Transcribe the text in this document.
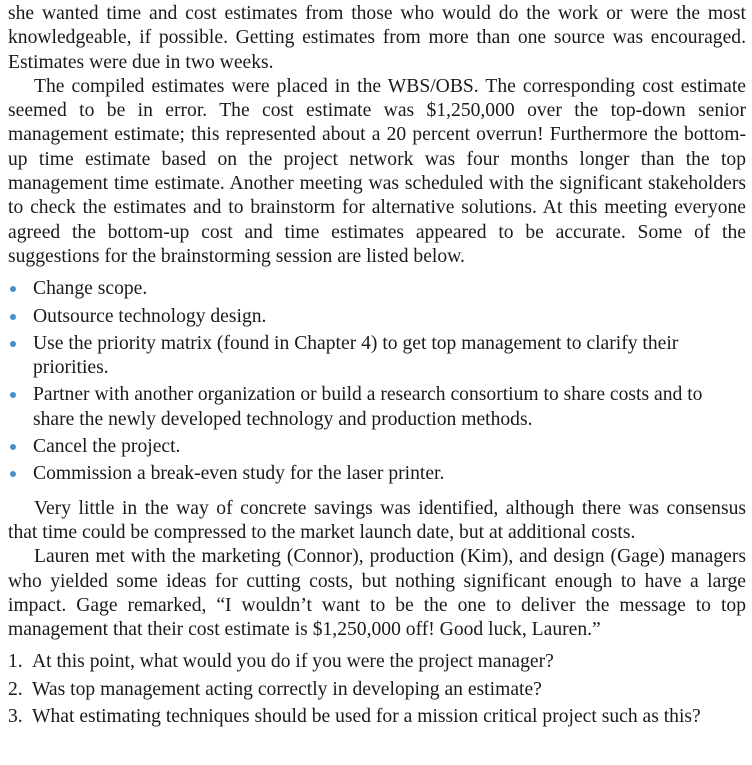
she wanted time and cost estimates from those who would do the work or were the most knowledgeable, if possible. Getting estimates from more than one source was encouraged. Estimates were due in two weeks.

The compiled estimates were placed in the WBS/OBS. The corresponding cost estimate seemed to be in error. The cost estimate was $1,250,000 over the top-down senior management estimate; this represented about a 20 percent overrun! Furthermore the bottom-up time estimate based on the project network was four months longer than the top management time estimate. Another meeting was scheduled with the significant stakeholders to check the estimates and to brainstorm for alternative solutions. At this meeting everyone agreed the bottom-up cost and time estimates appeared to be accurate. Some of the suggestions for the brainstorming session are listed below.

Change scope.
Outsource technology design.
Use the priority matrix (found in Chapter 4) to get top management to clarify their priorities.
Partner with another organization or build a research consortium to share costs and to share the newly developed technology and production methods.
Cancel the project.
Commission a break-even study for the laser printer.

Very little in the way of concrete savings was identified, although there was consensus that time could be compressed to the market launch date, but at additional costs.

Lauren met with the marketing (Connor), production (Kim), and design (Gage) managers who yielded some ideas for cutting costs, but nothing significant enough to have a large impact. Gage remarked, “I wouldn’t want to be the one to deliver the message to top management that their cost estimate is $1,250,000 off! Good luck, Lauren.”

1. At this point, what would you do if you were the project manager?
2. Was top management acting correctly in developing an estimate?
3. What estimating techniques should be used for a mission critical project such as this?
